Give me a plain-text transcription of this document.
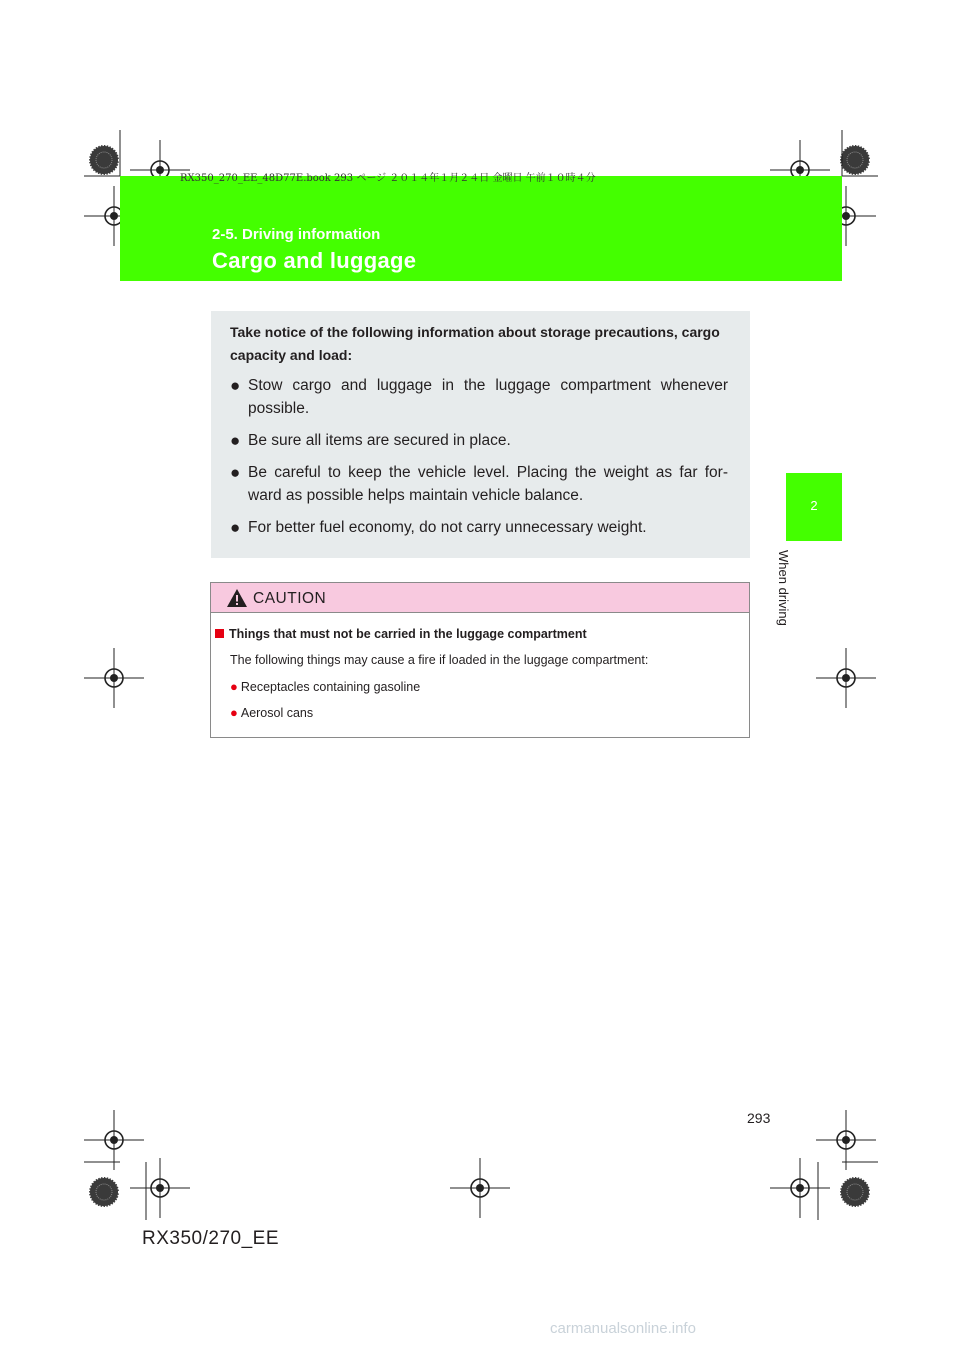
RX350_270_EE_48D77E.book 293 ページ ２０１４年１月２４日 金曜日 午前１０時４分
2-5. Driving information
Cargo and luggage
2
When driving
Take notice of the following information about storage precautions, cargo capacity and load:
● Stow cargo and luggage in the luggage compartment whenever possible.
● Be sure all items are secured in place.
● Be careful to keep the vehicle level. Placing the weight as far for- ward as possible helps maintain vehicle balance.
● For better fuel economy, do not carry unnecessary weight.
CAUTION
Things that must not be carried in the luggage compartment
The following things may cause a fire if loaded in the luggage compartment:
● Receptacles containing gasoline
● Aerosol cans
293
RX350/270_EE
carmanualsonline.info
